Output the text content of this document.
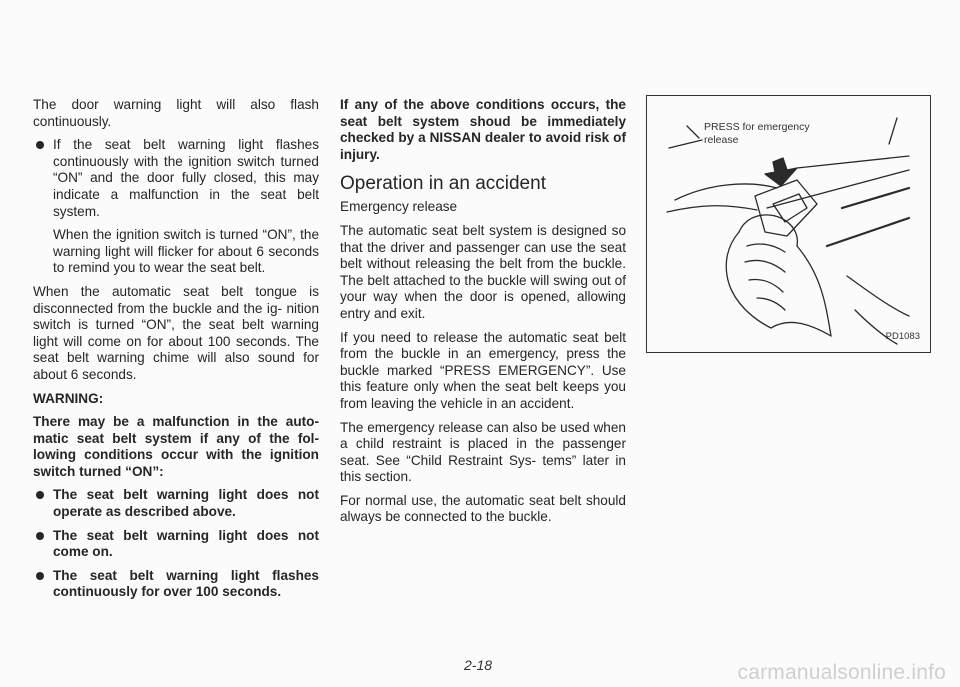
The door warning light will also flash continuously.

If the seat belt warning light flashes continuously with the ignition switch turned “ON” and the door fully closed, this may indicate a malfunction in the seat belt system.

When the ignition switch is turned “ON”, the warning light will flicker for about 6 seconds to remind you to wear the seat belt.

When the automatic seat belt tongue is disconnected from the buckle and the ig- nition switch is turned “ON”, the seat belt warning light will come on for about 100 seconds. The seat belt warning chime will also sound for about 6 seconds.

WARNING:

There may be a malfunction in the auto- matic seat belt system if any of the fol- lowing conditions occur with the ignition switch turned “ON”:

The seat belt warning light does not operate as described above.
The seat belt warning light does not come on.
The seat belt warning light flashes continuously for over 100 seconds.

If any of the above conditions occurs, the seat belt system shoud be immediately checked by a NISSAN dealer to avoid risk of injury.

Operation in an accident

Emergency release

The automatic seat belt system is designed so that the driver and passenger can use the seat belt without releasing the belt from the buckle. The belt attached to the buckle will swing out of your way when the door is opened, allowing entry and exit.

If you need to release the automatic seat belt from the buckle in an emergency, press the buckle marked “PRESS EMERGENCY”. Use this feature only when the seat belt keeps you from leaving the vehicle in an accident.

The emergency release can also be used when a child restraint is placed in the passenger seat. See “Child Restraint Sys- tems” later in this section.

For normal use, the automatic seat belt should always be connected to the buckle.

PRESS for emergency
release
PD1083
2-18	carmanualsonline.info
